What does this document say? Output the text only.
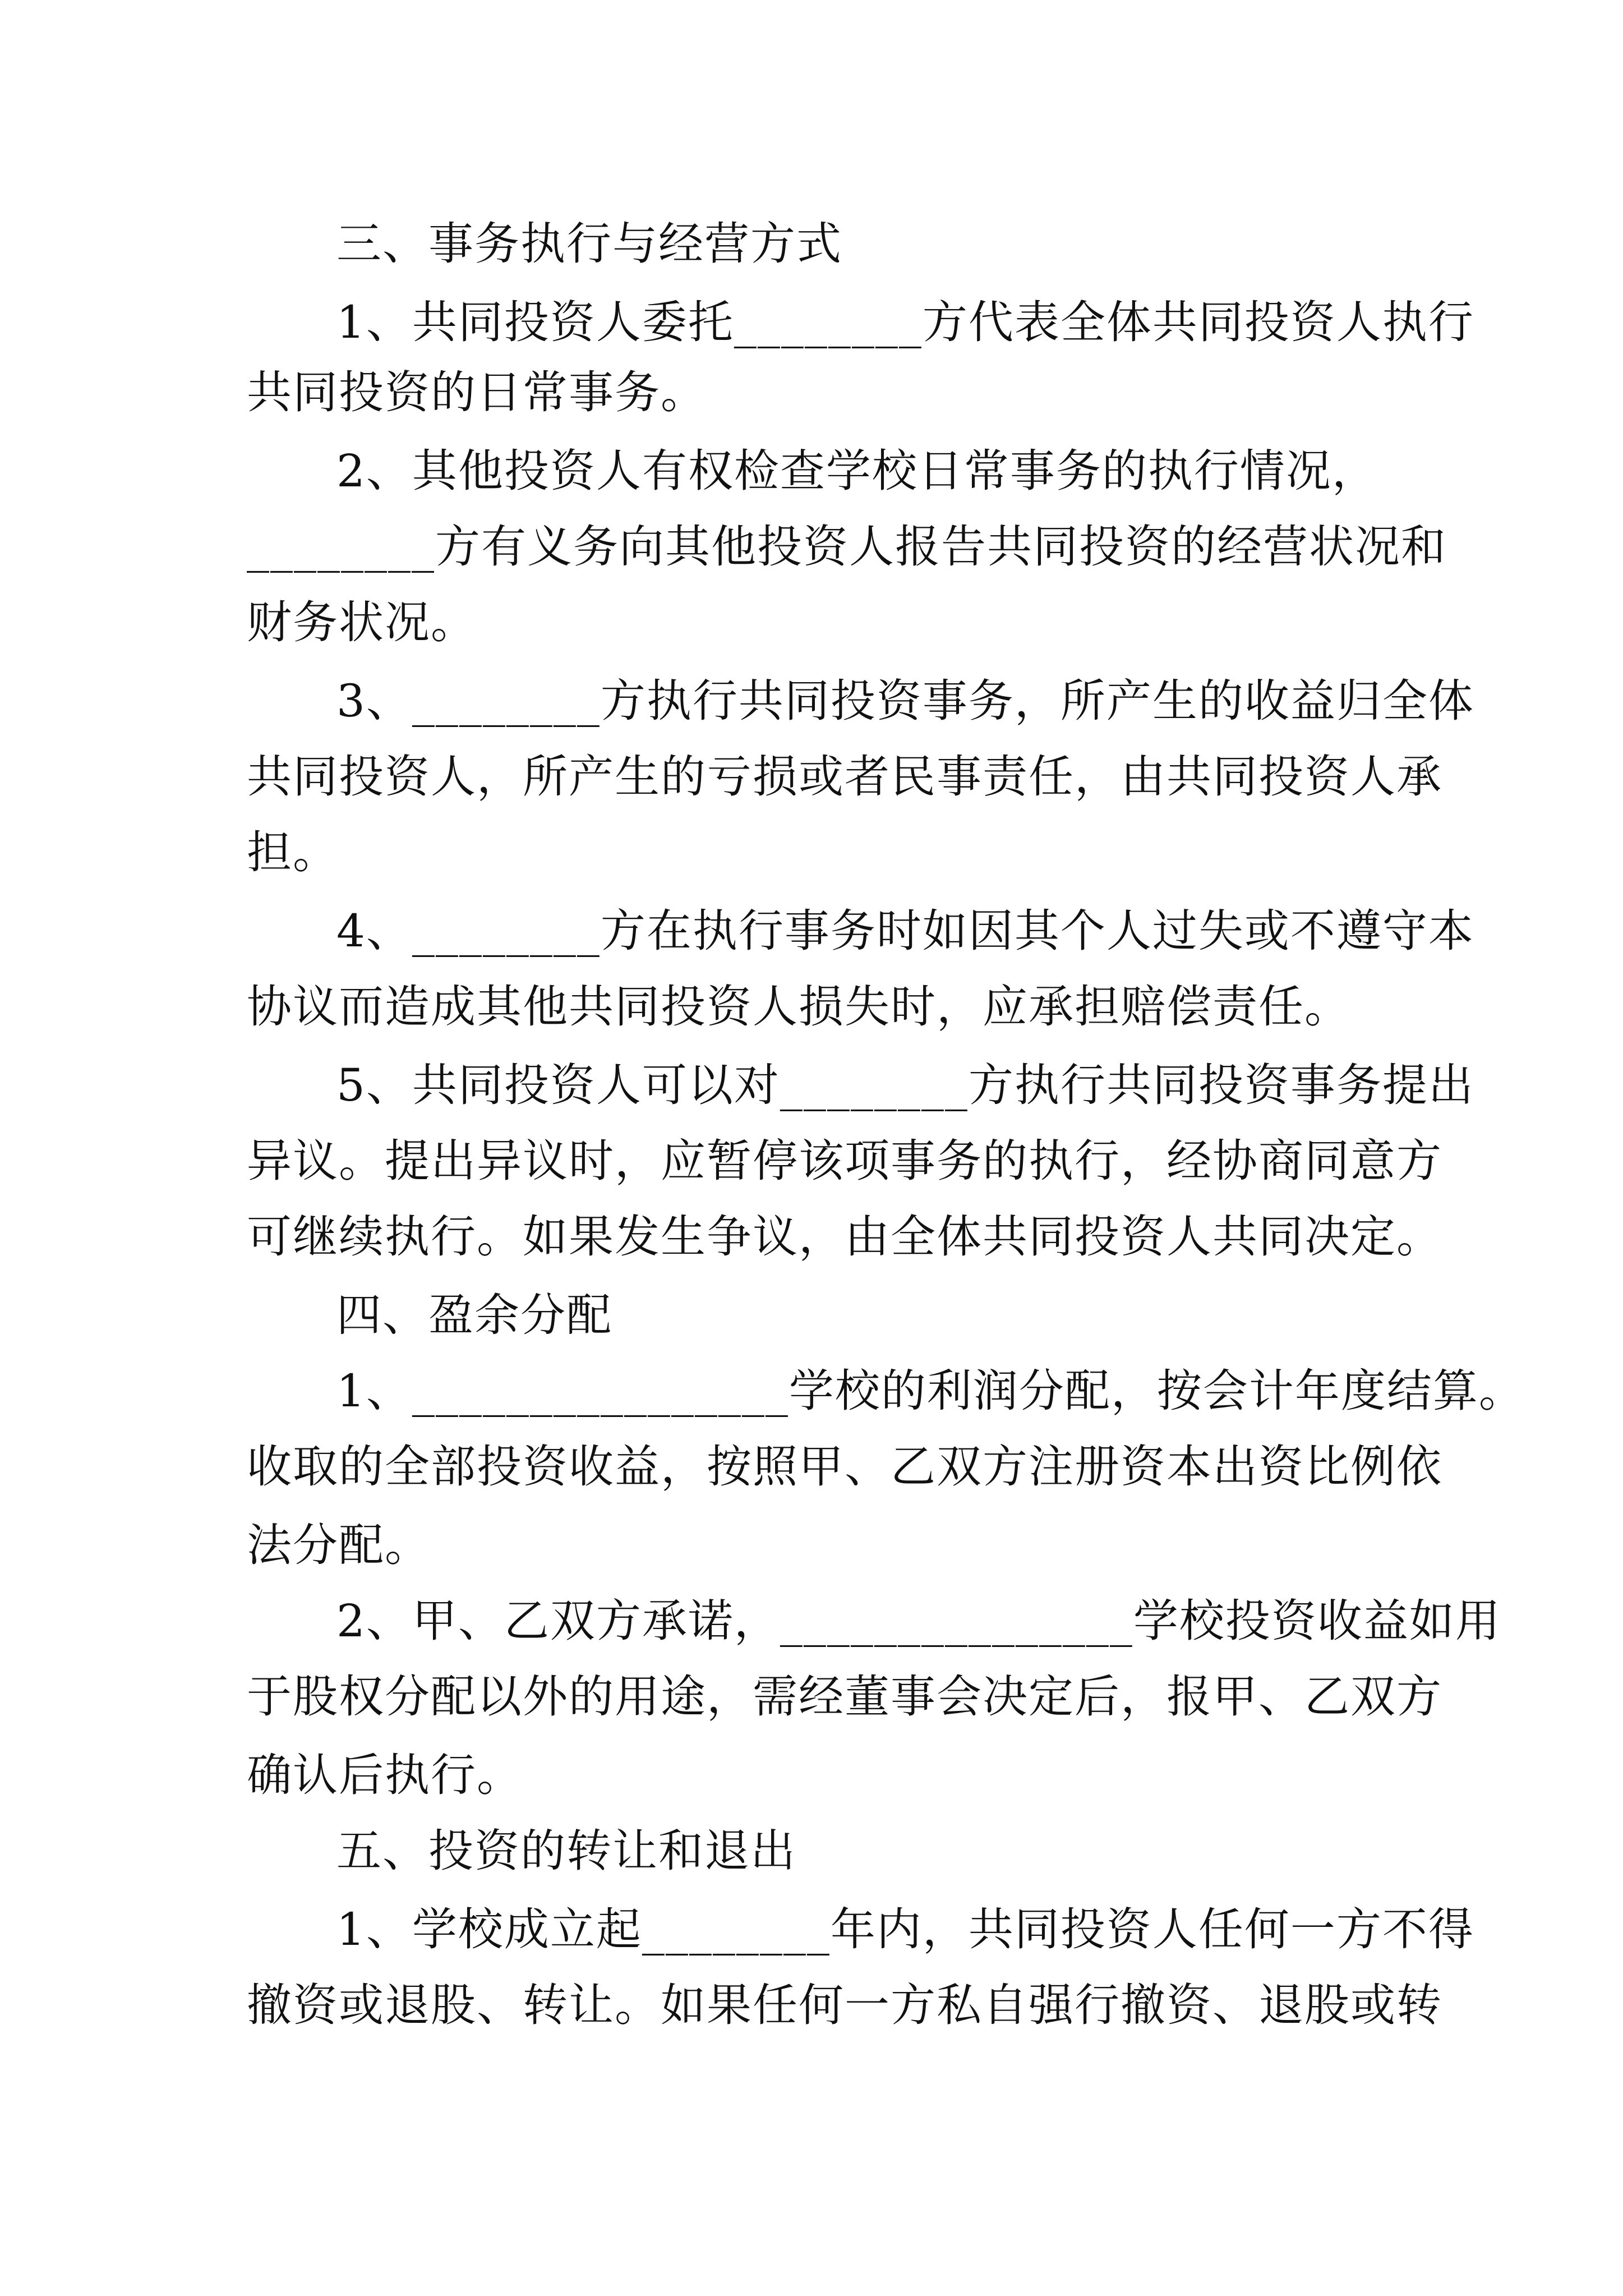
三、事务执行与经营方式
1、共同投资人委托________方代表全体共同投资人执行
共同投资的日常事务。
2、其他投资人有权检查学校日常事务的执行情况，
________方有义务向其他投资人报告共同投资的经营状况和
财务状况。
3、________方执行共同投资事务，所产生的收益归全体
共同投资人，所产生的亏损或者民事责任，由共同投资人承
担。
4、________方在执行事务时如因其个人过失或不遵守本
协议而造成其他共同投资人损失时，应承担赔偿责任。
5、共同投资人可以对________方执行共同投资事务提出
异议。提出异议时，应暂停该项事务的执行，经协商同意方
可继续执行。如果发生争议，由全体共同投资人共同决定。
四、盈余分配
1、________________学校的利润分配，按会计年度结算。
收取的全部投资收益，按照甲、乙双方注册资本出资比例依
法分配。
2、甲、乙双方承诺，_______________学校投资收益如用
于股权分配以外的用途，需经董事会决定后，报甲、乙双方
确认后执行。
五、投资的转让和退出
1、学校成立起________年内，共同投资人任何一方不得
撤资或退股、转让。如果任何一方私自强行撤资、退股或转
